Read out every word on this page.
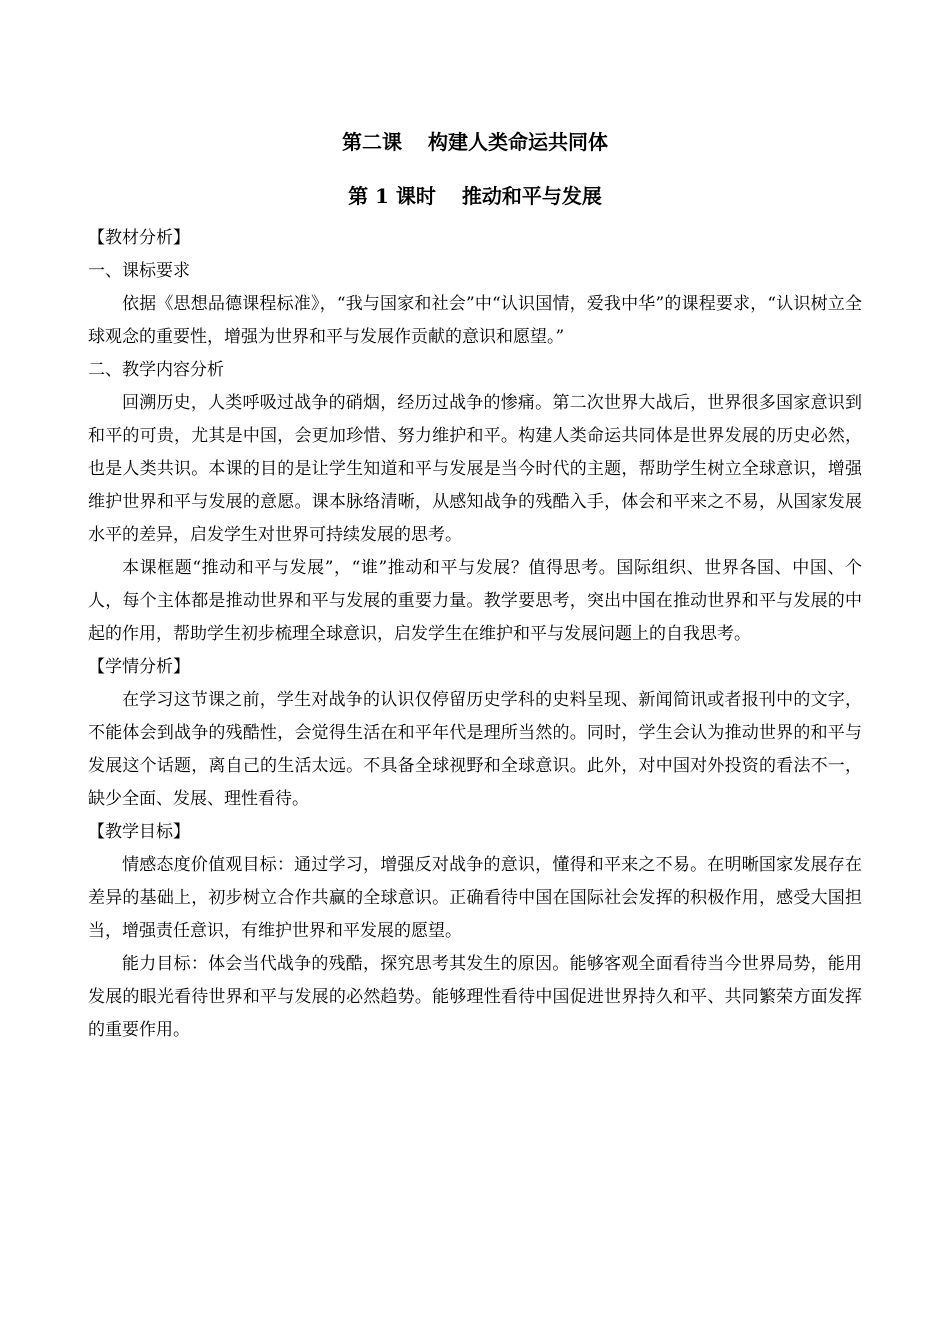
第二课 构建人类命运共同体
第 1 课时 推动和平与发展

【教材分析】

一、课标要求

依据《思想品德课程标准》，“我与国家和社会”中“认识国情，爱我中华”的课程要求，“认识树立全球观念的重要性，增强为世界和平与发展作贡献的意识和愿望。”

二、教学内容分析

回溯历史，人类呼吸过战争的硝烟，经历过战争的惨痛。第二次世界大战后，世界很多国家意识到和平的可贵，尤其是中国，会更加珍惜、努力维护和平。构建人类命运共同体是世界发展的历史必然，也是人类共识。本课的目的是让学生知道和平与发展是当今时代的主题，帮助学生树立全球意识，增强维护世界和平与发展的意愿。课本脉络清晰，从感知战争的残酷入手，体会和平来之不易，从国家发展水平的差异，启发学生对世界可持续发展的思考。

本课框题“推动和平与发展”，“谁”推动和平与发展？值得思考。国际组织、世界各国、中国、个人，每个主体都是推动世界和平与发展的重要力量。教学要思考，突出中国在推动世界和平与发展的中起的作用，帮助学生初步梳理全球意识，启发学生在维护和平与发展问题上的自我思考。

【学情分析】

在学习这节课之前，学生对战争的认识仅停留历史学科的史料呈现、新闻简讯或者报刊中的文字，不能体会到战争的残酷性，会觉得生活在和平年代是理所当然的。同时，学生会认为推动世界的和平与发展这个话题，离自己的生活太远。不具备全球视野和全球意识。此外，对中国对外投资的看法不一，缺少全面、发展、理性看待。

【教学目标】

情感态度价值观目标：通过学习，增强反对战争的意识，懂得和平来之不易。在明晰国家发展存在差异的基础上，初步树立合作共赢的全球意识。正确看待中国在国际社会发挥的积极作用，感受大国担当，增强责任意识，有维护世界和平发展的愿望。

能力目标：体会当代战争的残酷，探究思考其发生的原因。能够客观全面看待当今世界局势，能用发展的眼光看待世界和平与发展的必然趋势。能够理性看待中国促进世界持久和平、共同繁荣方面发挥的重要作用。
